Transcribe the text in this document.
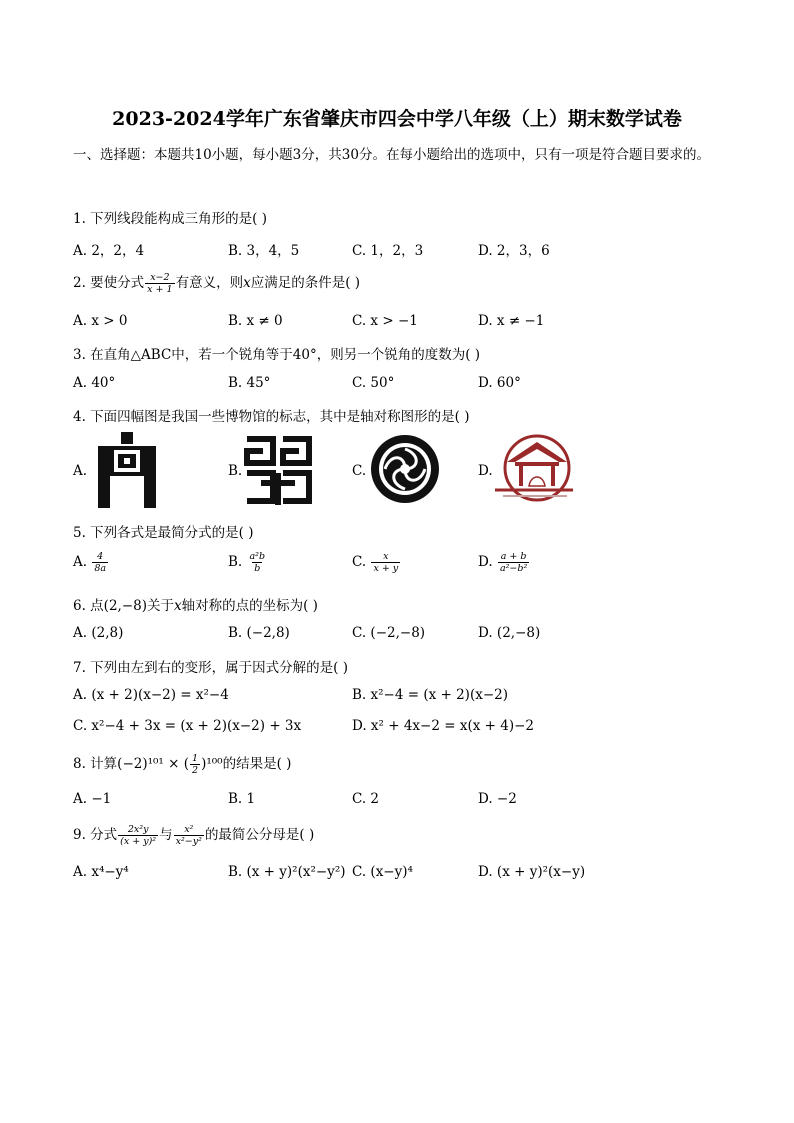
2023-2024学年广东省肇庆市四会中学八年级（上）期末数学试卷
一、选择题：本题共10小题，每小题3分，共30分。在每小题给出的选项中，只有一项是符合题目要求的。
1. 下列线段能构成三角形的是( )
A. 2，2，4	B. 3，4，5	C. 1，2，3	D. 2，3，6
2. 要使分式 $\frac{x-2}{x + 1}$ 有意义，则x应满足的条件是( )
A. x > 0	B. x ≠ 0	C. x > −1	D. x ≠ −1
3. 在直角△ABC中，若一个锐角等于40°，则另一个锐角的度数为( )
A. 40°	B. 45°	C. 50°	D. 60°
4. 下面四幅图是我国一些博物馆的标志，其中是轴对称图形的是( )
A.	B.	C.	D.
5. 下列各式是最简分式的是( )
A. $\frac{4}{8a}$	B. $\frac{\text{a²b}}{b}$	C. $\frac{x}{x + y}$	D. $\frac{a + b}{\text{a²−b²}}$
6. 点(2,−8)关于x轴对称的点的坐标为( )
A. (2,8)	B. (−2,8)	C. (−2,−8)	D. (2,−8)
7. 下列由左到右的变形，属于因式分解的是( )
A. (x + 2)(x−2) = x²−4	B. x²−4 = (x + 2)(x−2)
C. x²−4 + 3x = (x + 2)(x−2) + 3x	D. x² + 4x−2 = x(x + 4)−2
8. 计算(−2)¹⁰¹ × ( $\frac{1}{2} )^{100}$的结果是( )
A. −1	B. 1	C. 2	D. −2
9. 分式 $\frac{\text{2x²y}}{\text{(x + y)²}}$ 与 $\frac{\text{x²}}{\text{x²−y²}}$ 的最简公分母是( )
A. x⁴−y⁴	B. (x + y)²(x²−y²) C. (x−y)⁴	D. (x + y)²(x−y)
